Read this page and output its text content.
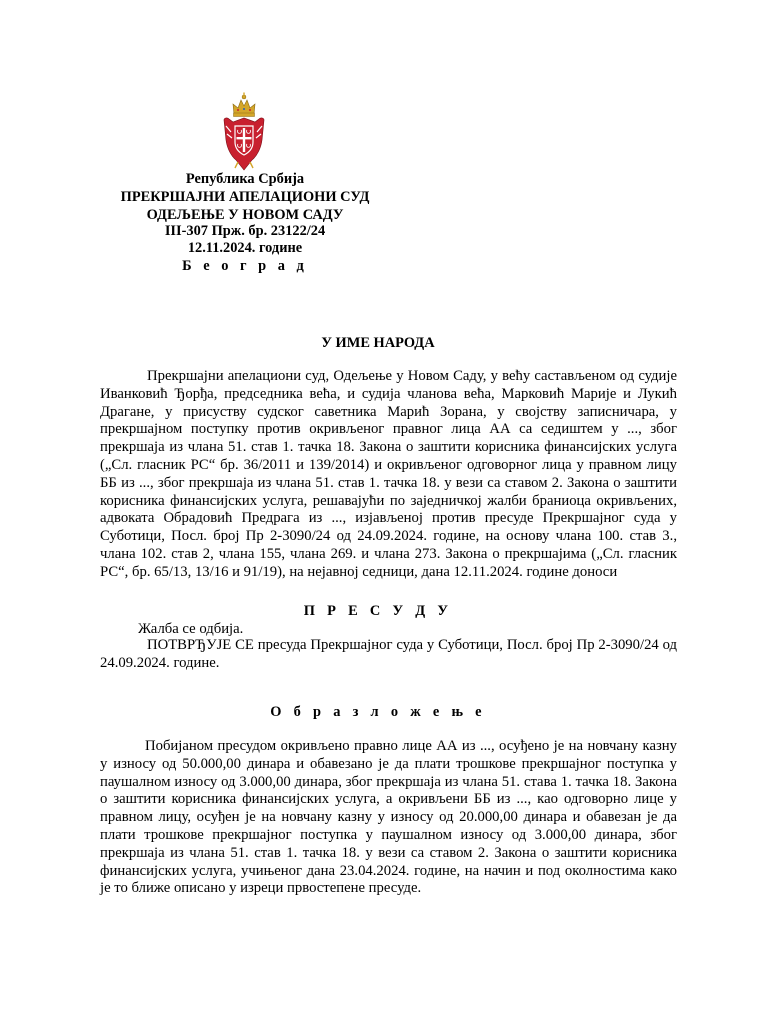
Република Србија
ПРЕКРШАЈНИ АПЕЛАЦИОНИ СУД
ОДЕЉЕЊЕ У НОВОМ САДУ
III-307 Прж. бр. 23122/24
12.11.2024. године
Б е о г р а д
У ИМЕ НАРОДА
Прекршајни апелациони суд, Одељење у Новом Саду, у већу састављеном од судије Иванковић Ђорђа, председника већа, и судија чланова већа, Марковић Марије и Лукић Драгане, у присуству судског саветника Марић Зорана, у својству записничара, у прекршајном поступку против окривљеног правног лица АА са седиштем у ..., због прекршаја из члана 51. став 1. тачка 18. Закона о заштити корисника финансијских услуга („Сл. гласник РС“ бр. 36/2011 и 139/2014) и окривљеног одговорног лица у правном лицу ББ из ..., због прекршаја из члана 51. став 1. тачка 18. у вези са ставом 2. Закона о заштити корисника финансијских услуга, решавајући по заједничкој жалби браниоца окривљених, адвоката Обрадовић Предрага из ..., изјављеној против пресуде Прекршајног суда у Суботици, Посл. број Пр 2-3090/24 од 24.09.2024. године, на основу члана 100. став 3., члана 102. став 2, члана 155, члана 269. и члана 273. Закона о прекршајима („Сл. гласник РС“, бр. 65/13, 13/16 и 91/19), на нејавној седници, дана 12.11.2024. године доноси
П Р Е С У Д У
Жалба се одбија.
ПОТВРЂУЈЕ СЕ пресуда Прекршајног суда у Суботици, Посл. број Пр 2-3090/24 од 24.09.2024. године.
О б р а з л о ж е њ е
Побијаном пресудом окривљено правно лице АА из ..., осуђено је на новчану казну у износу од 50.000,00 динара и обавезано је да плати трошкове прекршајног поступка у паушалном износу од 3.000,00 динара, због прекршаја из члана 51. става 1. тачка 18. Закона о заштити корисника финансијских услуга, а окривљени ББ из ..., као одговорно лице у правном лицу, осуђен је на новчану казну у износу од 20.000,00 динара и обавезан је да плати трошкове прекршајног поступка у паушалном износу од 3.000,00 динара, због прекршаја из члана 51. став 1. тачка 18. у вези са ставом 2. Закона о заштити корисника финансијских услуга, учињеног дана 23.04.2024. године, на начин и под околностима како је то ближе описано у изреци првостепене пресуде.
